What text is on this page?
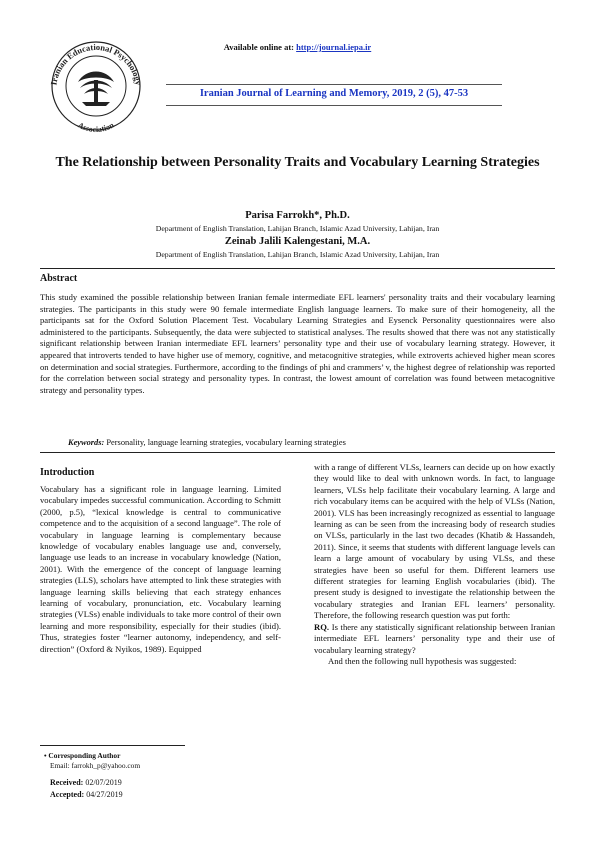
Iranian Educational Psychology
Association
Available online at: http://journal.iepa.ir
Iranian Journal of Learning and Memory, 2019, 2 (5), 47-53
The Relationship between Personality Traits and Vocabulary Learning Strategies
Parisa Farrokh*, Ph.D.
Department of English Translation, Lahijan Branch, Islamic Azad University, Lahijan, Iran
Zeinab Jalili Kalengestani, M.A.
Department of English Translation, Lahijan Branch, Islamic Azad University, Lahijan, Iran
Abstract
This study examined the possible relationship between Iranian female intermediate EFL learners' personality traits and their vocabulary learning strategies. The participants in this study were 90 female intermediate English language learners. To make sure of their homogeneity, all the participants sat for the Oxford Solution Placement Test. Vocabulary Learning Strategies and Eysenck Personality questionnaires were also administered to the participants. Subsequently, the data were subjected to statistical analyses. The results showed that there was not any statistically significant relationship between Iranian intermediate EFL learners’ personality type and their use of vocabulary learning strategy. However, it appeared that introverts tended to have higher use of memory, cognitive, and metacognitive strategies, while extroverts achieved higher mean scores on determination and social strategies. Furthermore, according to the findings of phi and crammers’ v, the highest degree of relationship was reported for the correlation between social strategy and personality types. In contrast, the lowest amount of correlation was found between metacognitive strategy and personality types.
Keywords: Personality, language learning strategies, vocabulary learning strategies
Introduction
Vocabulary has a significant role in language learning. Limited vocabulary impedes successful communication. According to Schmitt (2000, p.5), “lexical knowledge is central to communicative competence and to the acquisition of a second language”. The role of vocabulary in language learning is complementary because knowledge of vocabulary enables language use and, conversely, language use leads to an increase in vocabulary knowledge (Nation, 2001). With the emergence of the concept of language learning strategies (LLS), scholars have attempted to link these strategies with language learning skills believing that each strategy enhances learning of vocabulary, pronunciation, etc. Vocabulary learning strategies (VLSs) enable individuals to take more control of their own learning and more responsibility, especially for their studies (ibid). Thus, strategies foster “learner autonomy, independency, and self-direction” (Oxford & Nyikos, 1989). Equipped

with a range of different VLSs, learners can decide up on how exactly they would like to deal with unknown words. In fact, to language learners, VLSs help facilitate their vocabulary learning. A large and rich vocabulary items can be acquired with the help of VLSs (Nation, 2001). VLS has been increasingly recognized as essential to language learning as can be seen from the increasing body of research studies on VLSs, particularly in the last two decades (Khatib & Hassandeh, 2011). Since, it seems that students with different language levels can learn a large amount of vocabulary by using VLSs, and these strategies have been so useful for them. Different learners use different strategies for learning English vocabularies (ibid). The present study is designed to investigate the relationship between the vocabulary strategies and Iranian EFL learners’ personality. Therefore, the following research question was put forth:

RQ. Is there any statistically significant relationship between Iranian intermediate EFL learners’ personality type and their use of vocabulary learning strategy?

And then the following null hypothesis was suggested:

• Corresponding Author
Email: farrokh_p@yahoo.com
Received: 02/07/2019
Accepted: 04/27/2019
